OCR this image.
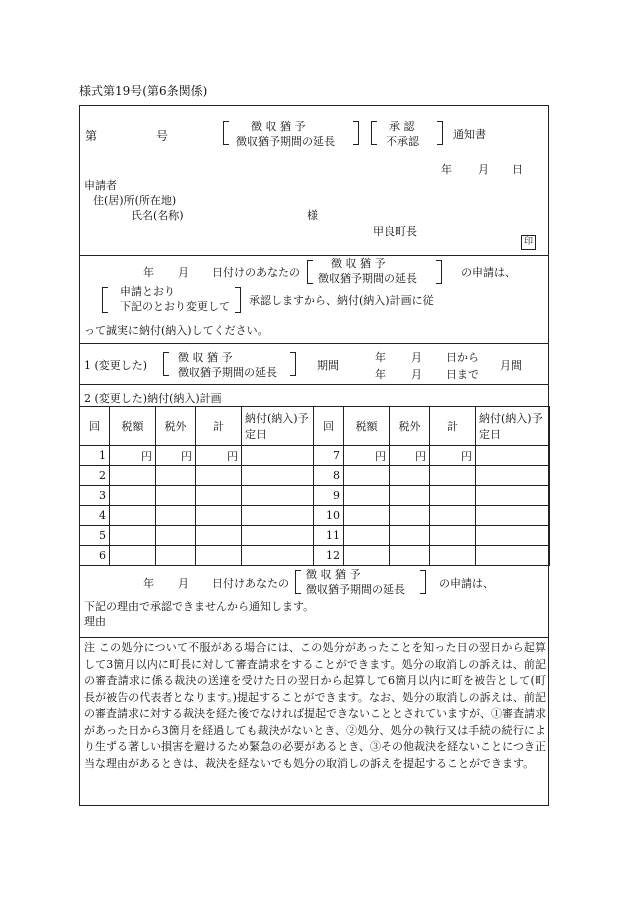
様式第19号(第6条関係)
第	号
徴 収 猶 予
徴収猶予期間の延長
承 認
不承認
通知書
年 月 日
申請者
住(居)所(所在地)
氏名(名称)	様
甲良町長
印
年 月 日付けのあなたの
徴 収 猶 予
徴収猶予期間の延長	の申請は、
申請とおり
下記のとおり変更して 承認しますから、納付(納入)計画に従
って誠実に納付(納入)してください。
1 (変更した)
徴 収 猶 予
徴収猶予期間の延長
期間
年 月 日から
年 月 日まで
月間
2 (変更した)納付(納入)計画
回	税額	税外	計	納付(納入)予定日	回	税額	税外	計	納付(納入)予定日
1	円	円	円		7	円	円	円	
2					8				
3					9				
4					10				
5					11				
6					12				
年 月 日付けあなたの
徴 収 猶 予
徴収猶予期間の延長	の申請は、
下記の理由で承認できませんから通知します。
理由
注 この処分について不服がある場合には、この処分があったことを知った日の翌日から起算して3箇月以内に町長に対して審査請求をすることができます。処分の取消しの訴えは、前記の審査請求に係る裁決の送達を受けた日の翌日から起算して6箇月以内に町を被告として(町長が被告の代表者となります。)提起することができます。なお、処分の取消しの訴えは、前記の審査請求に対する裁決を経た後でなければ提起できないこととされていますが、①審査請求があった日から3箇月を経過しても裁決がないとき、②処分、処分の執行又は手続の続行により生ずる著しい損害を避けるため緊急の必要があるとき、③その他裁決を経ないことにつき正当な理由があるときは、裁決を経ないでも処分の取消しの訴えを提起することができます。
